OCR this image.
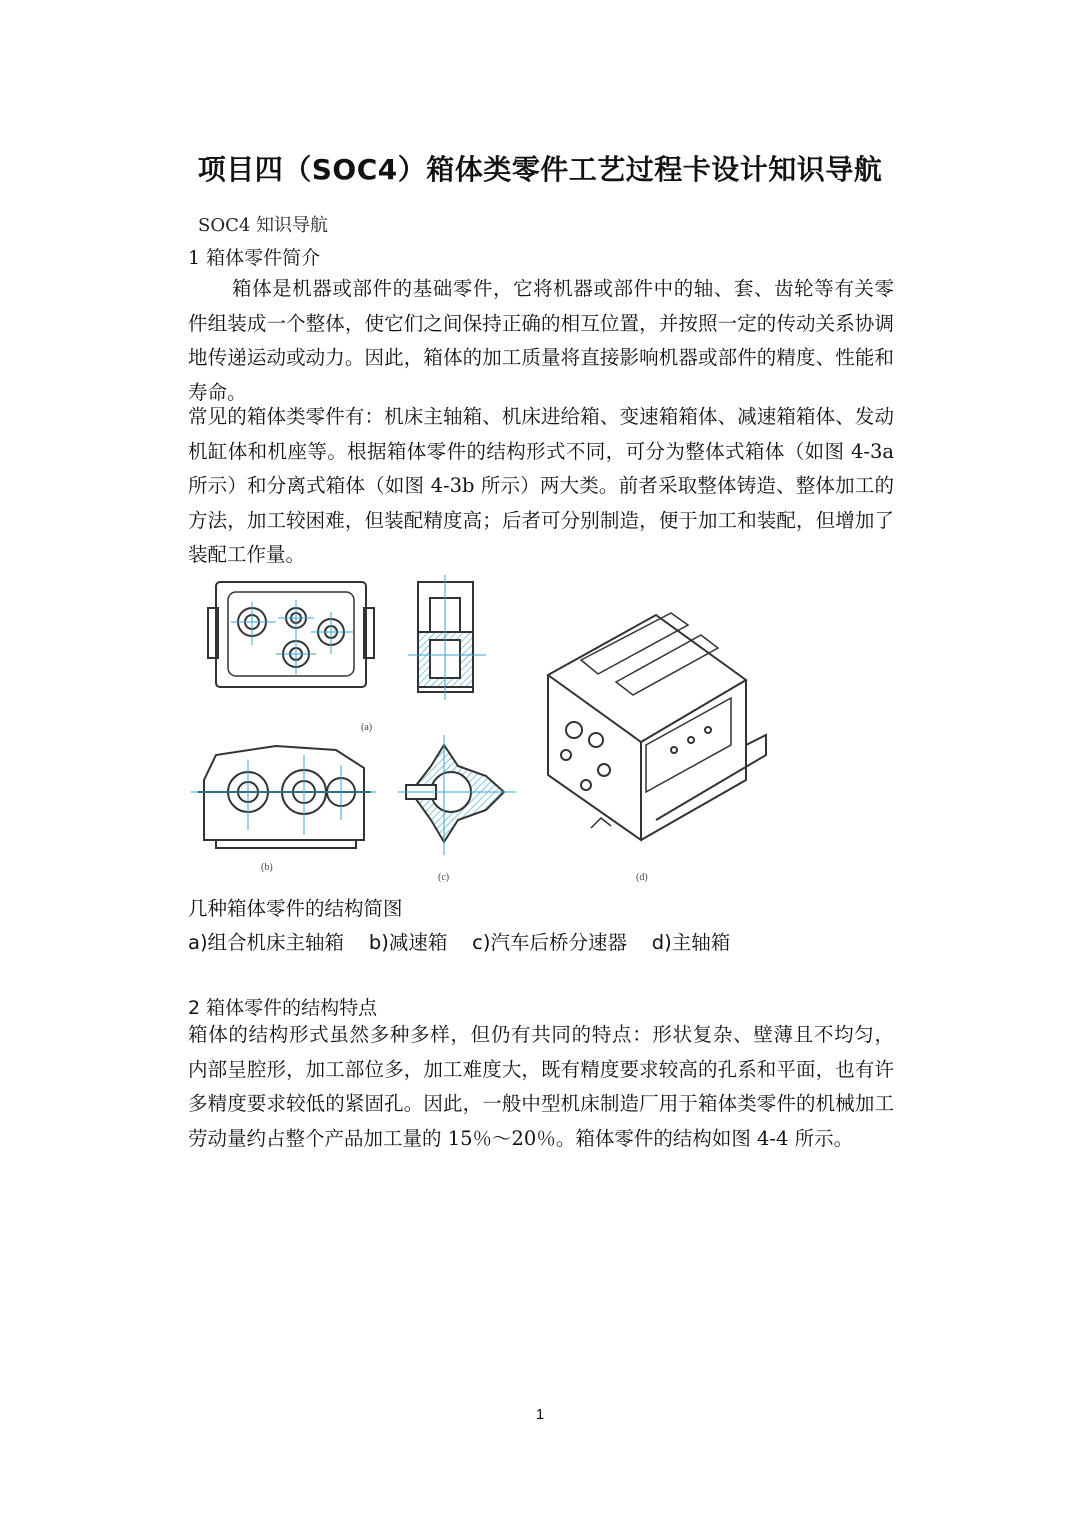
项目四（SOC4）箱体类零件工艺过程卡设计知识导航
SOC4 知识导航
1 箱体零件简介

箱体是机器或部件的基础零件，它将机器或部件中的轴、套、齿轮等有关零件组装成一个整体，使它们之间保持正确的相互位置，并按照一定的传动关系协调地传递运动或动力。因此，箱体的加工质量将直接影响机器或部件的精度、性能和寿命。

常见的箱体类零件有：机床主轴箱、机床进给箱、变速箱箱体、减速箱箱体、发动机缸体和机座等。根据箱体零件的结构形式不同，可分为整体式箱体（如图 4-3a 所示）和分离式箱体（如图 4-3b 所示）两大类。前者采取整体铸造、整体加工的方法，加工较困难，但装配精度高；后者可分别制造，便于加工和装配，但增加了装配工作量。

(a)
(b)
(c)	(d)
几种箱体零件的结构简图
a)组合机床主轴箱    b)减速箱    c)汽车后桥分速器    d)主轴箱
2 箱体零件的结构特点

箱体的结构形式虽然多种多样，但仍有共同的特点：形状复杂、壁薄且不均匀， 内部呈腔形，加工部位多，加工难度大，既有精度要求较高的孔系和平面，也有许多精度要求较低的紧固孔。因此，一般中型机床制造厂用于箱体类零件的机械加工劳动量约占整个产品加工量的 15％～20％。箱体零件的结构如图 4-4 所示。

1
